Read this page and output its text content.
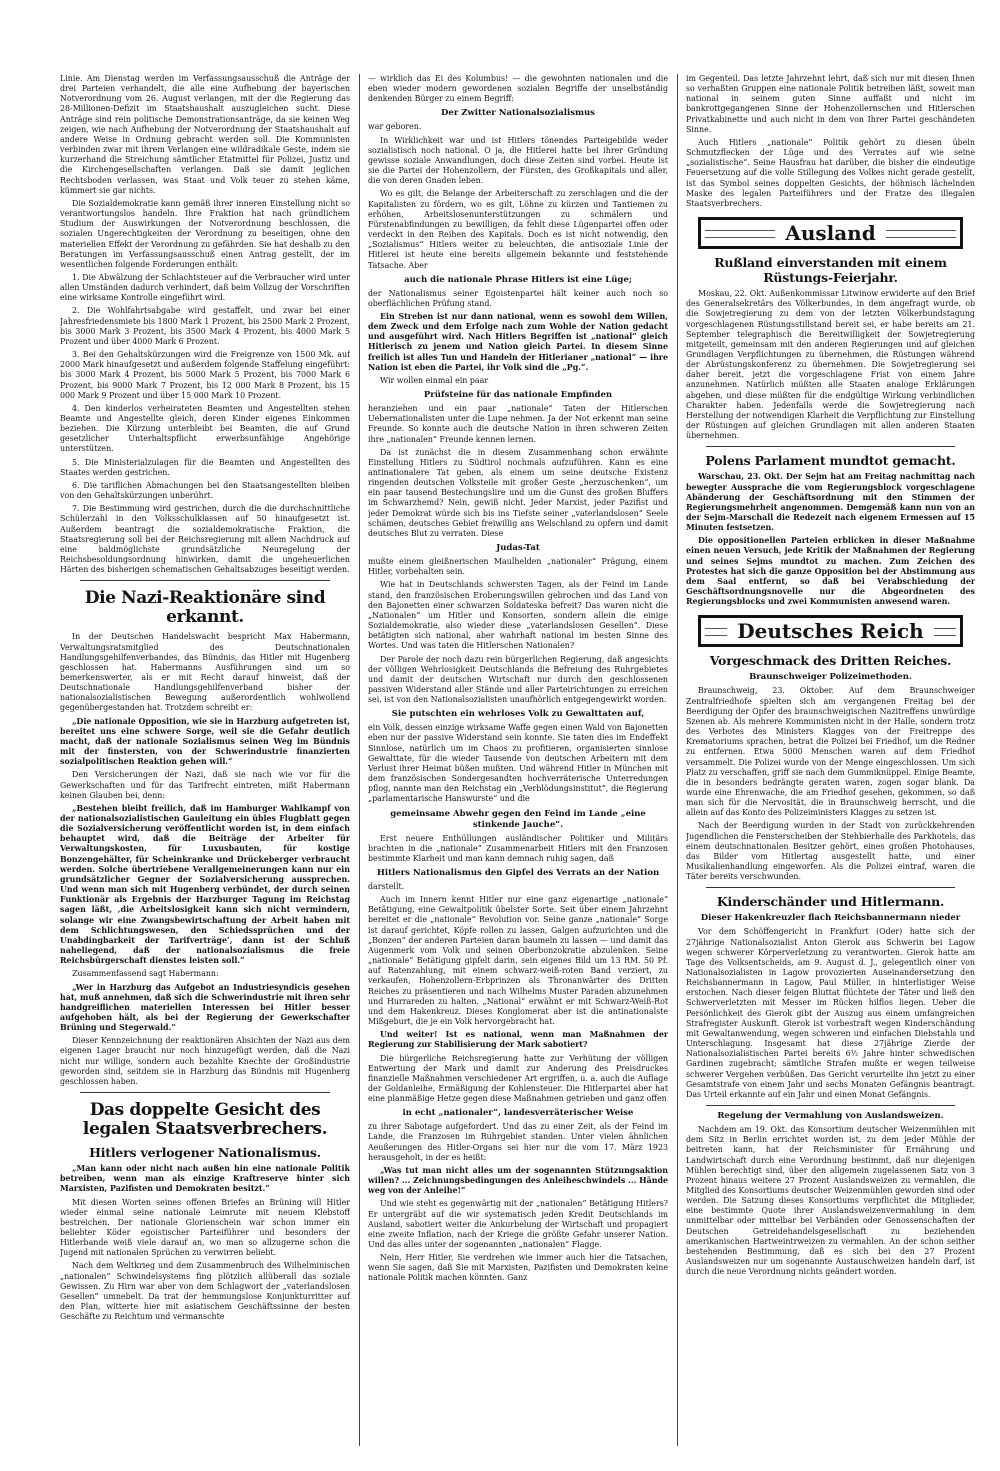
Linie. Am Dienstag werden im Verfassungsausschuß die Anträge der drei Parteien verhandelt, die alle eine Aufhebung der bayerischen Notverordnung vom 26. August verlangen, mit der die Regierung das 28-Millionen-Defizit im Staatshaushalt auszugleichen sucht. Diese Anträge sind rein politische Demonstrationsanträge, da sie keinen Weg zeigen, wie nach Aufhebung der Notverordnung der Staatshaushalt auf andere Weise in Ordnung gebracht werden soll. Die Kommunisten verbinden zwar mit ihrem Verlangen eine wildradikale Geste, indem sie kurzerhand die Streichung sämtlicher Etatmittel für Polizei, Justiz und die Kirchengesellschaften verlangen. Daß sie damit jeglichen Rechtsboden verlassen, was Staat und Volk teuer zu stehen käme, kümmert sie gar nichts.

Die Sozialdemokratie kann gemäß ihrer inneren Einstellung nicht so verantwortungslos handeln. Ihre Fraktion hat nach gründlichem Studium der Auswirkungen der Notverordnung beschlossen, die sozialen Ungerechtigkeiten der Verordnung zu beseitigen, ohne den materiellen Effekt der Verordnung zu gefährden. Sie hat deshalb zu den Beratungen im Verfassungsausschuß einen Antrag gestellt, der im wesentlichen folgende Forderungen enthält:

1. Die Abwälzung der Schlachtsteuer auf die Verbraucher wird unter allen Umständen dadurch verhindert, daß beim Vollzug der Vorschriften eine wirksame Kontrolle eingeführt wird.

2. Die Wohlfahrtsabgabe wird gestaffelt, und zwar bei einer Jahresfriedensmiete bis 1800 Mark 1 Prozent, bis 2500 Mark 2 Prozent, bis 3000 Mark 3 Prozent, bis 3500 Mark 4 Prozent, bis 4000 Mark 5 Prozent und über 4000 Mark 6 Prozent.

3. Bei den Gehaltskürzungen wird die Freigrenze von 1500 Mk. auf 2000 Mark hinaufgesetzt und außerdem folgende Staffelung eingeführt: bis 3000 Mark 4 Prozent, bis 5000 Mark 5 Prozent, bis 7000 Mark 6 Prozent, bis 9000 Mark 7 Prozent, bis 12 000 Mark 8 Prozent, bis 15 000 Mark 9 Prozent und über 15 000 Mark 10 Prozent.

4. Den kinderlos verheirateten Beamten und Angestellten stehen Beamte und Angestellte gleich, deren Kinder eigenes Einkommen beziehen. Die Kürzung unterbleibt bei Beamten, die auf Grund gesetzlicher Unterhaltspflicht erwerbsunfähige Angehörige unterstützen.

5. Die Ministerialzulagen für die Beamten und Angestellten des Staates werden gestrichen.

6. Die tariflichen Abmachungen bei den Staatsangestellten bleiben von den Gehaltskürzungen unberührt.

7. Die Bestimmung wird gestrichen, durch die die durchschnittliche Schülerzahl in den Volksschulklassen auf 50 hinaufgesetzt ist. Außerdem beantragt die sozialdemokratische Fraktion, die Staatsregierung soll bei der Reichsregierung mit allem Nachdruck auf eine baldmöglichste grundsätzliche Neuregelung der Reichsbesoldungsordnung hinwirken, damit die ungeheuerlichen Härten des bisherigen schematischen Gehaltsabzuges beseitigt werden.

Die Nazi-Reaktionäre sind erkannt.

In der Deutschen Handelswacht bespricht Max Habermann, Verwaltungsratsmitglied des Deutschnationalen Handlungsgehilfenverbandes, das Bündnis, das Hitler mit Hugenberg geschlossen hat. Habermanns Ausführungen sind um so bemerkenswerter, als er mit Recht darauf hinweist, daß der Deutschnationale Handlungsgehilfenverband bisher der nationalsozialistischen Bewegung außerordentlich wohlwollend gegenübergestanden hat. Trotzdem schreibt er:

„Die nationale Opposition, wie sie in Harzburg aufgetreten ist, bereitet uns eine schwere Sorge, weil sie die Gefahr deutlich macht, daß der nationale Sozialismus seinen Weg im Bündnis mit der finstersten, von der Schwerindustrie finanzierten sozialpolitischen Reaktion gehen will.“

Den Versicherungen der Nazi, daß sie nach wie vor für die Gewerkschaften und für das Tarifrecht eintreten, mißt Habermann keinen Glauben bei, denn:

„Bestehen bleibt freilich, daß im Hamburger Wahlkampf von der nationalsozialistischen Gauleitung ein übles Flugblatt gegen die Sozialversicherung veröffentlicht worden ist, in dem einfach behauptet wird, daß die Beiträge der Arbeiter für Verwaltungskosten, für Luxusbauten, für kostige Bonzengehälter, für Scheinkranke und Drückeberger verbraucht werden. Solche übertriebene Verallgemeinerungen kann nur ein grundsätzlicher Gegner der Sozialversicherung aussprechen. Und wenn man sich mit Hugenberg verbündet, der durch seinen Funktionär als Ergebnis der Harzburger Tagung im Reichstag sagen läßt, ‚die Arbeitslosigkeit kann sich nicht vermindern, solange wir eine Zwangsbewirtschaftung der Arbeit haben mit dem Schlichtungswesen, den Schiedssprüchen und der Unabdingbarkeit der Tarifverträge‘, dann ist der Schluß naheliegend, daß der nationalsozialismus die freie Reichsbürgerschaft dienstes leisten soll.“

Zusammenfassend sagt Habermann:

„Wer in Harzburg das Aufgebot an Industriesyndicis gesehen hat, muß annehmen, daß sich die Schwerindustrie mit ihren sehr handgreiflichen materiellen Interessen bei Hitler besser aufgehoben hält, als bei der Regierung der Gewerkschafter Brüning und Stegerwald.“

Dieser Kennzeichnung der reaktionären Absichten der Nazi aus dem eigenen Lager braucht nur noch hinzugefügt werden, daß die Nazi nicht nur willige, sondern auch bezahlte Knechte der Großindustrie geworden sind, seitdem sie in Harzburg das Bündnis mit Hugenberg geschlossen haben.

Das doppelte Gesicht des legalen Staatsverbrechers.
Hitlers verlogener Nationalismus.

„Man kann oder nicht nach außen hin eine nationale Politik betreiben, wenn man als einzige Kraftreserve hinter sich Marxisten, Pazifisten und Demokraten besitzt.“

Mit diesen Worten seines offenen Briefes an Brüning will Hitler wieder einmal seine nationale Leimrute mit neuem Klebstoff bestreichen. Der nationale Glorienschein war schon immer ein beliebter Köder egoistischer Parteiführer und besonders der Hitlerbande weiß viele darauf an, wo man so allzugerne schon die Jugend mit nationalen Sprüchen zu verwirren beliebt.

Nach dem Weltkrieg und dem Zusammenbruch des Wilhelminischen „nationalen“ Schwindelsystems fing plötzlich allüberall das soziale Gewissen. Zu Hirn war aber von dem Schlagwort der „vaterlandslosen Gesellen“ umnebelt. Da trat der hemmungslose Konjunkturritter auf den Plan, witterte hier mit asiatischem Geschäftssinne der besten Geschäfte zu Reichtum und vermanschte

— wirklich das Ei des Kolumbus! — die gewohnten nationalen und die eben wieder modern gewordenen sozialen Begriffe der unselbständig denkenden Bürger zu einem Begriff:

Der Zwitter Nationalsozialismus

war geboren.

In Wirklichkeit war und ist Hitlers tönendes Parteigebilde weder sozialistisch noch national. O ja, die Hitlerei hatte bei ihrer Gründung gewisse soziale Anwandlungen, doch diese Zeiten sind vorbei. Heute ist sie die Partei der Hohenzollern, der Fürsten, des Großkapitals und aller, die von deren Gnaden leben.

Wo es gilt, die Belange der Arbeiterschaft zu zerschlagen und die der Kapitalisten zu fördern, wo es gilt, Löhne zu kürzen und Tantiemen zu erhöhen, Arbeitslosenunterstützungen zu schmälern und Fürstenabfindungen zu bewilligen, da fehlt diese Lügenpartei offen oder verdeckt in den Reihen des Kapitals. Doch es ist nicht notwendig, den „Sozialismus“ Hitlers weiter zu beleuchten, die antisoziale Linie der Hitlerei ist heute eine bereits allgemein bekannte und feststehende Tatsache. Aber

auch die nationale Phrase Hitlers ist eine Lüge;

der Nationalismus seiner Egoistenpartei hält keiner auch noch so oberflächlichen Prüfung stand.

Ein Streben ist nur dann national, wenn es sowohl dem Willen, dem Zweck und dem Erfolge nach zum Wohle der Nation gedacht und ausgeführt wird. Nach Hitlers Begriffen ist „national“ gleich Hitlerisch zu jenem und Nation gleich Partei. In diesem Sinne freilich ist alles Tun und Handeln der Hitlerianer „national“ — ihre Nation ist eben die Partei, ihr Volk sind die „Pg.“.

Wir wollen einmal ein paar

Prüfsteine für das nationale Empfinden

heranziehen und ein paar „nationale“ Taten der Hitlerschen Uebernationalisten unter die Lupe nehmen. Ja der Not erkennt man seine Freunde. So konnte auch die deutsche Nation in ihren schweren Zeiten ihre „nationalen“ Freunde kennen lernen.

Da ist zunächst die in diesem Zusammenhang schon erwähnte Einstellung Hitlers zu Südtirol nochmals aufzuführen. Kann es eine antinationalere Tat geben, als einem um seine deutsche Existenz ringenden deutschen Volksteile mit großer Geste „herzuschenken“, um ein paar tausend Bestechungslire und um die Gunst des großen Bluffers im Schwarzhemd? Nein, gewiß nicht. Jeder Marxist, jeder Pazifist und jeder Demokrat würde sich bis ins Tiefste seiner „vaterlandslosen“ Seele schämen, deutsches Gebiet freiwillig ans Welschland zu opfern und damit deutsches Blut zu verraten. Diese

Judas-Tat

mußte einem gleißnerischen Maulhelden „nationaler“ Prägung, einem Hitler, vorbehalten sein.

Wie hat in Deutschlands schwersten Tagen, als der Feind im Lande stand, den französischen Eroberungswillen gebrochen und das Land von den Bajonetten einer schwarzen Soldateska befreit? Das waren nicht die „Nationalen“ um Hitler und Konsorten, sondern allein die einige Sozialdemokratie, also wieder diese „vaterlandslosen Gesellen“. Diese betätigten sich national, aber wahrhaft national im besten Sinne des Wortes. Und was taten die Hitlerschen Nationalen?

Der Parole der noch dazu rein bürgerlichen Regierung, daß angesichts der völligen Wehrlosigkeit Deutschlands die Befreiung des Ruhrgebietes und damit der deutschen Wirtschaft nur durch den geschlossenen passiven Widerstand aller Stände und aller Parteirichtungen zu erreichen sei, ist von den Nationalsozialisten unaufhörlich entgegengewirkt worden.

Sie putschten ein wehrloses Volk zu Gewalttaten auf,

ein Volk, dessen einzige wirksame Waffe gegen einen Wald von Bajonetten eben nur der passive Widerstand sein konnte. Sie taten dies im Endeffekt Sinnlose, natürlich um im Chaos zu profitieren, organisierten sinnlose Gewalttate, für die wieder Tausende von deutschen Arbeitern mit dem Verlust ihrer Heimat büßen mußten. Und während Hitler in München mit dem französischen Sondergesandten hochverräterische Unterredungen pflog, nannte man den Reichstag ein „Verblödungsinstitut“, die Regierung „parlamentarische Hanswurste“ und die

gemeinsame Abwehr gegen den Feind im Lande „eine stinkende Jauche“.

Erst neuere Enthüllungen ausländischer Politiker und Militärs brachten in die „nationale“ Zusammenarbeit Hitlers mit den Franzosen bestimmte Klarheit und man kann demnach ruhig sagen, daß

Hitlers Nationalismus den Gipfel des Verrats an der Nation

darstellt.

Auch im Innern kennt Hitler nur eine ganz eigenartige „nationale“ Betätigung, eine Gewaltpolitik übelster Sorte. Seit über einem Jahrzehnt bereitet er die „nationale“ Revolution vor. Seine ganze „nationale“ Sorge ist darauf gerichtet, Köpfe rollen zu lassen, Galgen aufzurichten und die „Bonzen“ der anderen Parteien daran baumeln zu lassen — und damit das Augenmerk vom Volk und seinen Oberbonzokratie abzulenken. Seine „nationale“ Betätigung gipfelt darin, sein eigenes Bild um 13 RM. 50 Pf. auf Ratenzahlung, mit einem schwarz-weiß-roten Band verziert, zu verkaufen, Hohenzollern-Erbprinzen als Thronanwärter des Dritten Reiches zu präsentieren und nach Wilhelms Muster Paraden abzunehmen und Hurrareden zu halten. „National“ erwähnt er mit Schwarz-Weiß-Rot und dem Hakenkreuz. Dieses Konglomerat aber ist die antinationalste Mißgeburt, die je ein Volk hervorgebracht hat.

Und weiter! Ist es national, wenn man Maßnahmen der Regierung zur Stabilisierung der Mark sabotiert?

Die bürgerliche Reichsregierung hatte zur Verhütung der völligen Entwertung der Mark und damit zur Anderung des Preisdruckes finanzielle Maßnahmen verschiedener Art ergriffen, u. a. auch die Auflage der Goldanleihe, Ermäßigung der Kohlensteuer. Die Hitlerpartei aber hat eine planmäßige Hetze gegen diese Maßnahmen getrieben und ganz offen

in echt „nationaler“, landesverräterischer Weise

zu ihrer Sabotage aufgefordert. Und das zu einer Zeit, als der Feind im Lande, die Franzosen im Ruhrgebiet standen. Unter vielen ähnlichen Aeußerungen des Hitler-Organs sei hier nur die vom 17. März 1923 herausgeholt, in der es heißt:

„Was tut man nicht alles um der sogenannten Stützungsaktion willen? ... Zeichnungsbedingungen des Anleiheschwindels ... Hände weg von der Anleihe!“

Und wie steht es gegenwärtig mit der „nationalen“ Betätigung Hitlers? Er untergräbt auf die wir systematisch jeden Kredit Deutschlands im Ausland, sabotiert weiter die Ankurbelung der Wirtschaft und propagiert eine zweite Inflation, nach der Kriege die größte Gefahr unserer Nation. Und das alles unter der sogenannten „nationalen“ Flagge.

Nein, Herr Hitler, Sie verdrehen wie immer auch hier die Tatsachen, wenn Sie sagen, daß Sie mit Marxisten, Pazifisten und Demokraten keine nationale Politik machen könnten. Ganz

im Gegenteil. Das letzte Jahrzehnt lehrt, daß sich nur mit diesen Ihnen so verhaßten Gruppen eine nationale Politik betreiben läßt, soweit man national in seinem guten Sinne auffaßt und nicht im bankrottgegangenen Sinne der Hohenzollernschen und Hitlerschen Privatkabinette und auch nicht in dem von Ihrer Partei geschändeten Sinne.

Auch Hitlers „nationale“ Politik gehört zu diesen übeln Schmutzflecken der Lüge und des Verrates auf wie seine „sozialistische“. Seine Hausfrau hat darüber, die bisher die eindeutige Feuersetzung auf die volle Stillegung des Volkes nicht gerade gestellt, ist das Symbol seines doppelten Gesichts, der höhnisch lächelnden Maske des legalen Parteiführers und der Fratze des illegalen Staatsverbrechers.

Ausland
Rußland einverstanden mit einem Rüstungs-Feierjahr.

Moskau, 22. Okt. Außenkommissar Litwinow erwiderte auf den Brief des Generalsekretärs des Völkerbundes, in dem angefragt wurde, ob die Sowjetregierung zu dem von der letzten Völkerbundstagung vorgeschlagenen Rüstungsstillstand bereit sei, er habe bereits am 21. September telegraphisch die Bereitwilligkeit der Sowjetregierung mitgeteilt, gemeinsam mit den anderen Regierungen und auf gleichen Grundlagen Verpflichtungen zu übernehmen, die Rüstungen während der Abrüstungskonferenz zu übernehmen. Die Sowjetregierung sei daher bereit, jetzt die vorgeschlagene Frist von einem Jahre anzunehmen. Natürlich müßten alle Staaten analoge Erklärungen abgeben, und diese müßten für die endgültige Wirkung verbindlichen Charakter haben. Jedenfalls werde die Sowjetregierung nach Herstellung der notwendigen Klarheit die Verpflichtung zur Einstellung der Rüstungen auf gleichen Grundlagen mit allen anderen Staaten übernehmen.

Polens Parlament mundtot gemacht.

Warschau, 23. Okt. Der Sejm hat am Freitag nachmittag nach bewegter Aussprache die vom Regierungsblock vorgeschlagene Abänderung der Geschäftsordnung mit den Stimmen der Regierungsmehrheit angenommen. Demgemäß kann nun von an der Sejm-Marschall die Redezeit nach eigenem Ermessen auf 15 Minuten festsetzen.

Die oppositionellen Parteien erblicken in dieser Maßnahme einen neuen Versuch, jede Kritik der Maßnahmen der Regierung und seines Sejms mundtot zu machen. Zum Zeichen des Protestes hat sich die ganze Opposition bei der Abstimmung aus dem Saal entfernt, so daß bei Verabschiedung der Geschäftsordnungsnovelle nur die Abgeordneten des Regierungsblocks und zwei Kommunisten anwesend waren.

Deutsches Reich
Vorgeschmack des Dritten Reiches.
Braunschweiger Polizeimethoden.

Braunschweig, 23. Oktober. Auf dem Braunschweiger Zentralfriedhofe spielten sich am vergangenen Freitag bei der Beerdigung der Opfer des braunschweigischen Nazitreffens unwürdige Szenen ab. Als mehrere Kommunisten nicht in der Halle, sondern trotz des Verbotes des Ministers Klagges von der Freitreppe des Krematoriums sprachen, betrat die Polizei bei Friedhof, um die Redner zu entfernen. Etwa 5000 Menschen waren auf dem Friedhof versammelt. Die Polizei wurde von der Menge eingeschlossen. Um sich Platz zu verschaffen, griff sie nach dem Gummiknüppel. Einige Beamte, die in besonders bedrängte geraten waren, zogen sogar blank. Da wurde eine Ehrenwache, die am Friedhof gesehen, gekommen, so daß man sich für die Nervosität, die in Braunschweig herrscht, und die allein auf das Konto des Polizeiministers Klagges zu setzen ist.

Nach der Beerdigung wurden in der Stadt von zurückkehrenden Jugendlichen die Fensterscheiben der Stehbierhalle des Parkhotels, das einem deutschnationalen Besitzer gehört, eines großen Photohauses, das Bilder vom Hitlertag ausgestellt hatte, und einer Musikalienhandlung eingeworfen. Als die Polizei eintraf, waren die Täter bereits verschwunden.

Kinderschänder und Hitlermann.
Dieser Hakenkreuzler flach Reichsbannermann nieder

Vor dem Schöffengericht in Frankfurt (Oder) hatte sich der 27jährige Nationalsozialist Anton Gierok aus Schwerin bei Lagow wegen schwerer Körperverletzung zu verantworten. Gierok hatte am Tage des Volksentscheids, am 9. August d. J., gelegentlich einer von Nationalsozialisten in Lagow provozierten Auseinandersetzung den Reichsbannermann in Lagow, Paul Müller, in hinterlistiger Weise erstochen. Nach dieser feigen Bluttat flüchtete der Täter und ließ den Schwerverletzten mit Messer im Rücken hilflos liegen. Ueber die Persönlichkeit des Gierok gibt der Auszug aus einem umfangreichen Strafregister Auskunft. Gierok ist vorbestraft wegen Kinderschändung mit Gewaltanwendung, wegen schweren und einfachen Diebstahls und Unterschlagung. Insgesamt hat diese 27jährige Zierde der Nationalsozialistischen Partei bereits 6½ Jahre hinter schwedischen Gardinen zugebracht; sämtliche Strafen mußte er wegen teilweise schwerer Vergehen verbüßen. Das Gericht verurteilte ihn jetzt zu einer Gesamtstrafe von einem Jahr und sechs Monaten Gefängnis beantragt. Das Urteil erkannte auf ein Jahr und einen Monat Gefängnis.

Regelung der Vermahlung von Auslandsweizen.

Nachdem am 19. Okt. das Konsortium deutscher Weizenmühlen mit dem Sitz in Berlin errichtet worden ist, zu dem jeder Mühle der beitreten kann, hat der Reichsminister für Ernährung und Landwirtschaft durch eine Verordnung bestimmt, daß nur diejenigen Mühlen berechtigt sind, über den allgemein zugelassenen Satz von 3 Prozent hinaus weitere 27 Prozent Auslandsweizen zu vermahlen, die Mitglied des Konsortiums deutscher Weizenmühlen geworden sind oder werden. Die Satzung dieses Konsortiums verpflichtet die Mitglieder, eine bestimmte Quote ihrer Auslandsweizenvermahlung in dem unmittelbar oder mittelbar bei Verbänden oder Genossenschaften der Deutschen Getreidehandelsgesellschaft zu beziehenden amerikanischen Hartweintrweizen zu vermahlen. An der schon seither bestehenden Bestimmung, daß es sich bei den 27 Prozent Auslandsweizen nur um sogenannte Austauschweizen handeln darf, ist durch die neue Verordnung nichts geändert worden.
